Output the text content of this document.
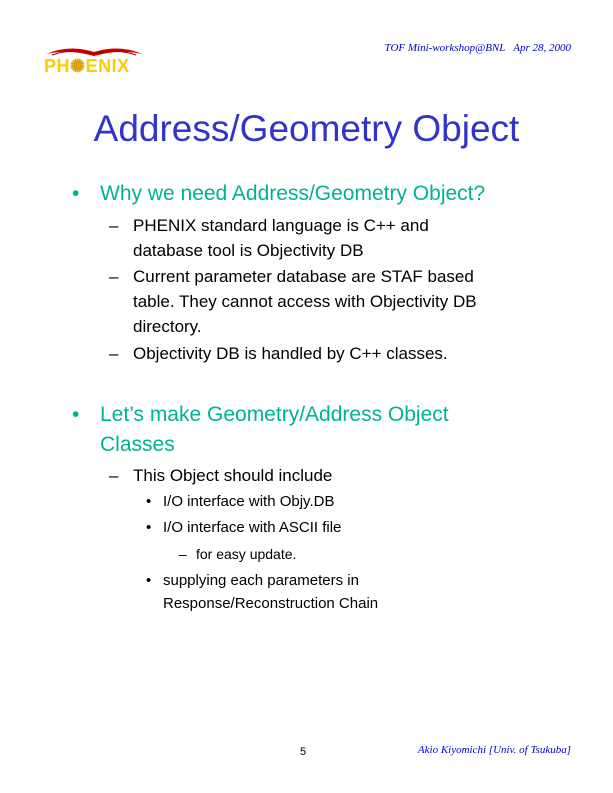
PH✺ENIX
TOF Mini-workshop@BNL   Apr 28, 2000
Address/Geometry Object
• Why we need Address/Geometry Object?
– PHENIX standard language is C++ and
database tool is Objectivity DB
– Current parameter database are STAF based
table. They cannot access with Objectivity DB
directory.
– Objectivity DB is handled by C++ classes.
• Let’s make Geometry/Address Object
Classes
– This Object should include
• I/O interface with Objy.DB
• I/O interface with ASCII file
– for easy update.
• supplying each parameters in
Response/Reconstruction Chain
5	Akio Kiyomichi [Univ. of Tsukuba]
